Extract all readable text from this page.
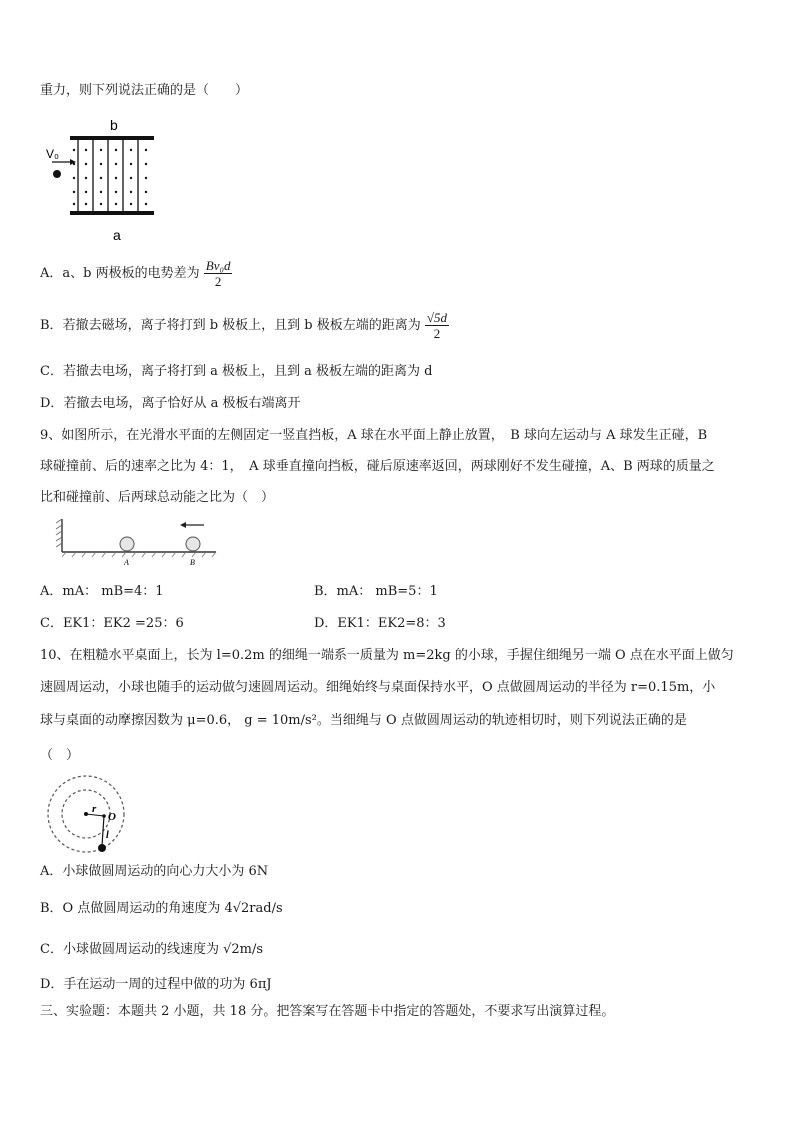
重力，则下列说法正确的是（　　）
b
V₀
a
A．a、b 两极板的电势差为 $\frac{\text{Bv₀d}}{2}$
B．若撤去磁场，离子将打到 b 极板上，且到 b 极板左端的距离为 $\frac{√5d}{2}$
C．若撤去电场，离子将打到 a 极板上，且到 a 极板左端的距离为 d
D．若撤去电场，离子恰好从 a 极板右端离开
9、如图所示，在光滑水平面的左侧固定一竖直挡板，A 球在水平面上静止放置，　B 球向左运动与 A 球发生正碰，B
球碰撞前、后的速率之比为 4：1，　A 球垂直撞向挡板，碰后原速率返回，两球刚好不发生碰撞，A、B 两球的质量之
比和碰撞前、后两球总动能之比为（　）
A	B
A．mA： mB=4：1	B．mA： mB=5：1
C．EK1：EK2 =25：6	D．EK1：EK2=8：3
10、在粗糙水平桌面上，长为 l=0.2m 的细绳一端系一质量为 m=2kg 的小球，手握住细绳另一端 O 点在水平面上做匀
速圆周运动，小球也随手的运动做匀速圆周运动。细绳始终与桌面保持水平，O 点做圆周运动的半径为 r=0.15m，小
球与桌面的动摩擦因数为 μ=0.6， g = 10m/s²。当细绳与 O 点做圆周运动的轨迹相切时，则下列说法正确的是
（　）
r
O
l
A．小球做圆周运动的向心力大小为 6N
B．O 点做圆周运动的角速度为 4√2rad/s
C．小球做圆周运动的线速度为 √2m/s
D．手在运动一周的过程中做的功为 6πJ
三、实验题：本题共 2 小题，共 18 分。把答案写在答题卡中指定的答题处，不要求写出演算过程。
